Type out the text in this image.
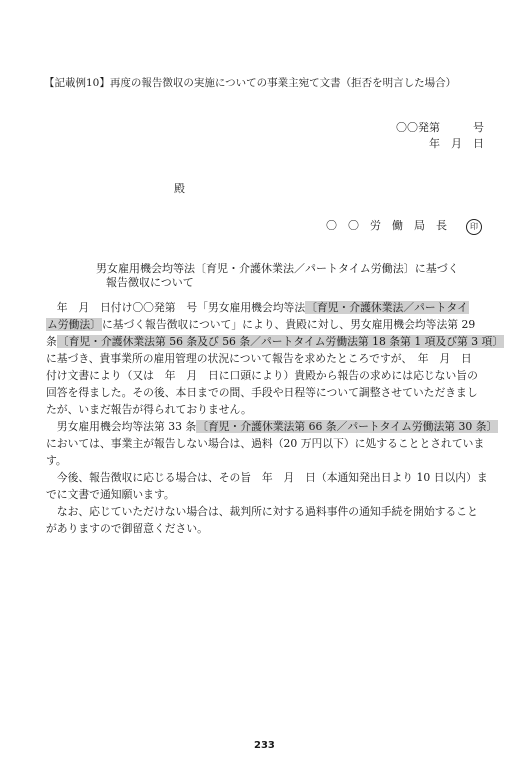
【記載例10】再度の報告徴収の実施についての事業主宛て文書（拒否を明言した場合）
〇〇発第　　　号
年　月　日
殿
〇　〇　労　働　局　長	印
男女雇用機会均等法〔育児・介護休業法／パートタイム労働法〕に基づく
報告徴収について
　年　月　日付け〇〇発第　号「男女雇用機会均等法〔育児・介護休業法／パートタイ
ム労働法〕に基づく報告徴収について」により、貴殿に対し、男女雇用機会均等法第 29
条〔育児・介護休業法第 56 条及び 56 条／パートタイム労働法第 18 条第 1 項及び第 3 項〕
に基づき、貴事業所の雇用管理の状況について報告を求めたところですが、　年　月　日
付け文書により（又は　年　月　日に口頭により）貴殿から報告の求めには応じない旨の
回答を得ました。その後、本日までの間、手段や日程等について調整させていただきまし
たが、いまだ報告が得られておりません。
　男女雇用機会均等法第 33 条〔育児・介護休業法第 66 条／パートタイム労働法第 30 条〕
においては、事業主が報告しない場合は、過料（20 万円以下）に処することとされていま
す。
　今後、報告徴収に応じる場合は、その旨　年　月　日（本通知発出日より 10 日以内）ま
でに文書で通知願います。
　なお、応じていただけない場合は、裁判所に対する過料事件の通知手続を開始すること
がありますので御留意ください。
233
